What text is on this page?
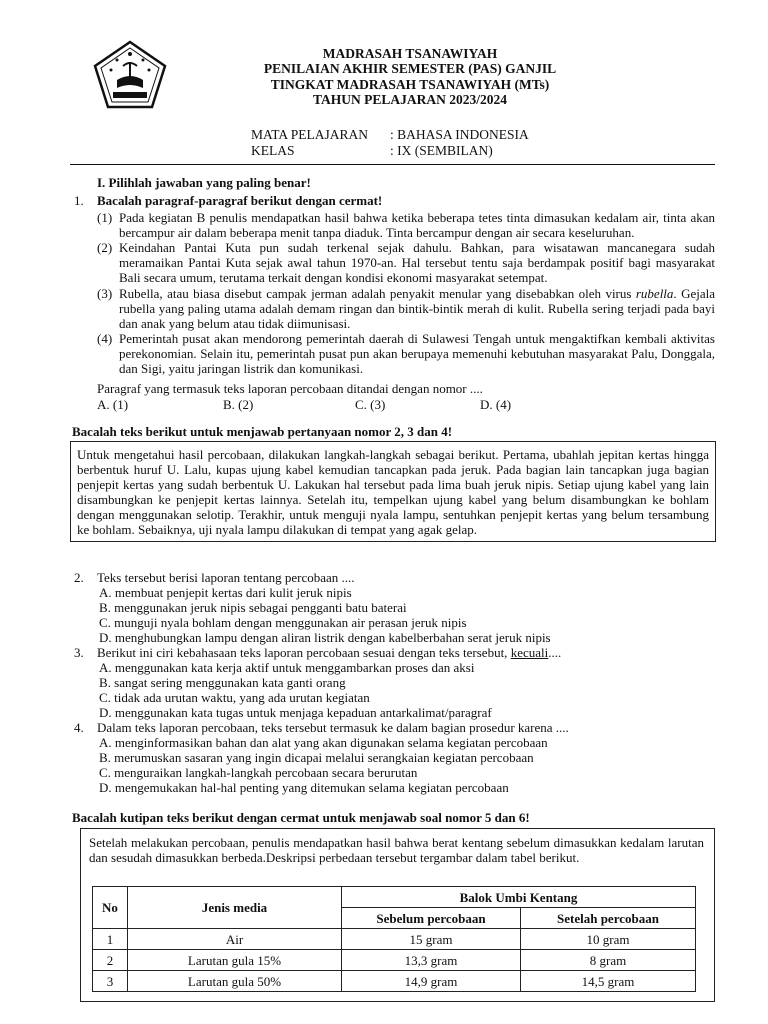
MADRASAH TSANAWIYAH
PENILAIAN AKHIR SEMESTER (PAS) GANJIL
TINGKAT MADRASAH TSANAWIYAH (MTs)
TAHUN PELAJARAN 2023/2024
MATA PELAJARAN : BAHASA INDONESIA
KELAS	: IX (SEMBILAN)
I. Pilihlah jawaban yang paling benar!
1. Bacalah paragraf-paragraf berikut dengan cermat!
(1) Pada kegiatan B penulis mendapatkan hasil bahwa ketika beberapa tetes tinta dimasukan kedalam air, tinta akan bercampur air dalam beberapa menit tanpa diaduk. Tinta bercampur dengan air secara keseluruhan.
(2) Keindahan Pantai Kuta pun sudah terkenal sejak dahulu. Bahkan, para wisatawan mancanegara sudah meramaikan Pantai Kuta sejak awal tahun 1970-an. Hal tersebut tentu saja berdampak positif bagi masyarakat Bali secara umum, terutama terkait dengan kondisi ekonomi masyarakat setempat.
(3) Rubella, atau biasa disebut campak jerman adalah penyakit menular yang disebabkan oleh virus rubella. Gejala rubella yang paling utama adalah demam ringan dan bintik-bintik merah di kulit. Rubella sering terjadi pada bayi dan anak yang belum atau tidak diimunisasi.
(4) Pemerintah pusat akan mendorong pemerintah daerah di Sulawesi Tengah untuk mengaktifkan kembali aktivitas perekonomian. Selain itu, pemerintah pusat pun akan berupaya memenuhi kebutuhan masyarakat Palu, Donggala, dan Sigi, yaitu jaringan listrik dan komunikasi.
Paragraf yang termasuk teks laporan percobaan ditandai dengan nomor ....
A. (1)	B. (2)	C. (3)	D. (4)
Bacalah teks berikut untuk menjawab pertanyaan nomor 2, 3 dan 4!
Untuk mengetahui hasil percobaan, dilakukan langkah-langkah sebagai berikut. Pertama, ubahlah jepitan kertas hingga berbentuk huruf U. Lalu, kupas ujung kabel kemudian tancapkan pada jeruk. Pada bagian lain tancapkan juga bagian penjepit kertas yang sudah berbentuk U. Lakukan hal tersebut pada lima buah jeruk nipis. Setiap ujung kabel yang lain disambungkan ke penjepit kertas lainnya. Setelah itu, tempelkan ujung kabel yang belum disambungkan ke bohlam dengan menggunakan selotip. Terakhir, untuk menguji nyala lampu, sentuhkan penjepit kertas yang belum tersambung ke bohlam. Sebaiknya, uji nyala lampu dilakukan di tempat yang agak gelap.
2. Teks tersebut berisi laporan tentang percobaan ....
A. membuat penjepit kertas dari kulit jeruk nipis
B. menggunakan jeruk nipis sebagai pengganti batu baterai
C. munguji nyala bohlam dengan menggunakan air perasan jeruk nipis
D. menghubungkan lampu dengan aliran listrik dengan kabelberbahan serat jeruk nipis
3. Berikut ini ciri kebahasaan teks laporan percobaan sesuai dengan teks tersebut, kecuali....
A. menggunakan kata kerja aktif untuk menggambarkan proses dan aksi
B. sangat sering menggunakan kata ganti orang
C. tidak ada urutan waktu, yang ada urutan kegiatan
D. menggunakan kata tugas untuk menjaga kepaduan antarkalimat/paragraf
4. Dalam teks laporan percobaan, teks tersebut termasuk ke dalam bagian prosedur karena ....
A. menginformasikan bahan dan alat yang akan digunakan selama kegiatan percobaan
B. merumuskan sasaran yang ingin dicapai melalui serangkaian kegiatan percobaan
C. menguraikan langkah-langkah percobaan secara berurutan
D. mengemukakan hal-hal penting yang ditemukan selama kegiatan percobaan
Bacalah kutipan teks berikut dengan cermat untuk menjawab soal nomor 5 dan 6!
Setelah melakukan percobaan, penulis mendapatkan hasil bahwa berat kentang sebelum dimasukkan kedalam larutan dan sesudah dimasukkan berbeda.Deskripsi perbedaan tersebut tergambar dalam tabel berikut.
No	Jenis media	Balok Umbi Kentang	
		Sebelum percobaan	Setelah percobaan
1	Air	15 gram	10 gram
2	Larutan gula 15%	13,3 gram	8 gram
3	Larutan gula 50%	14,9 gram	14,5 gram
